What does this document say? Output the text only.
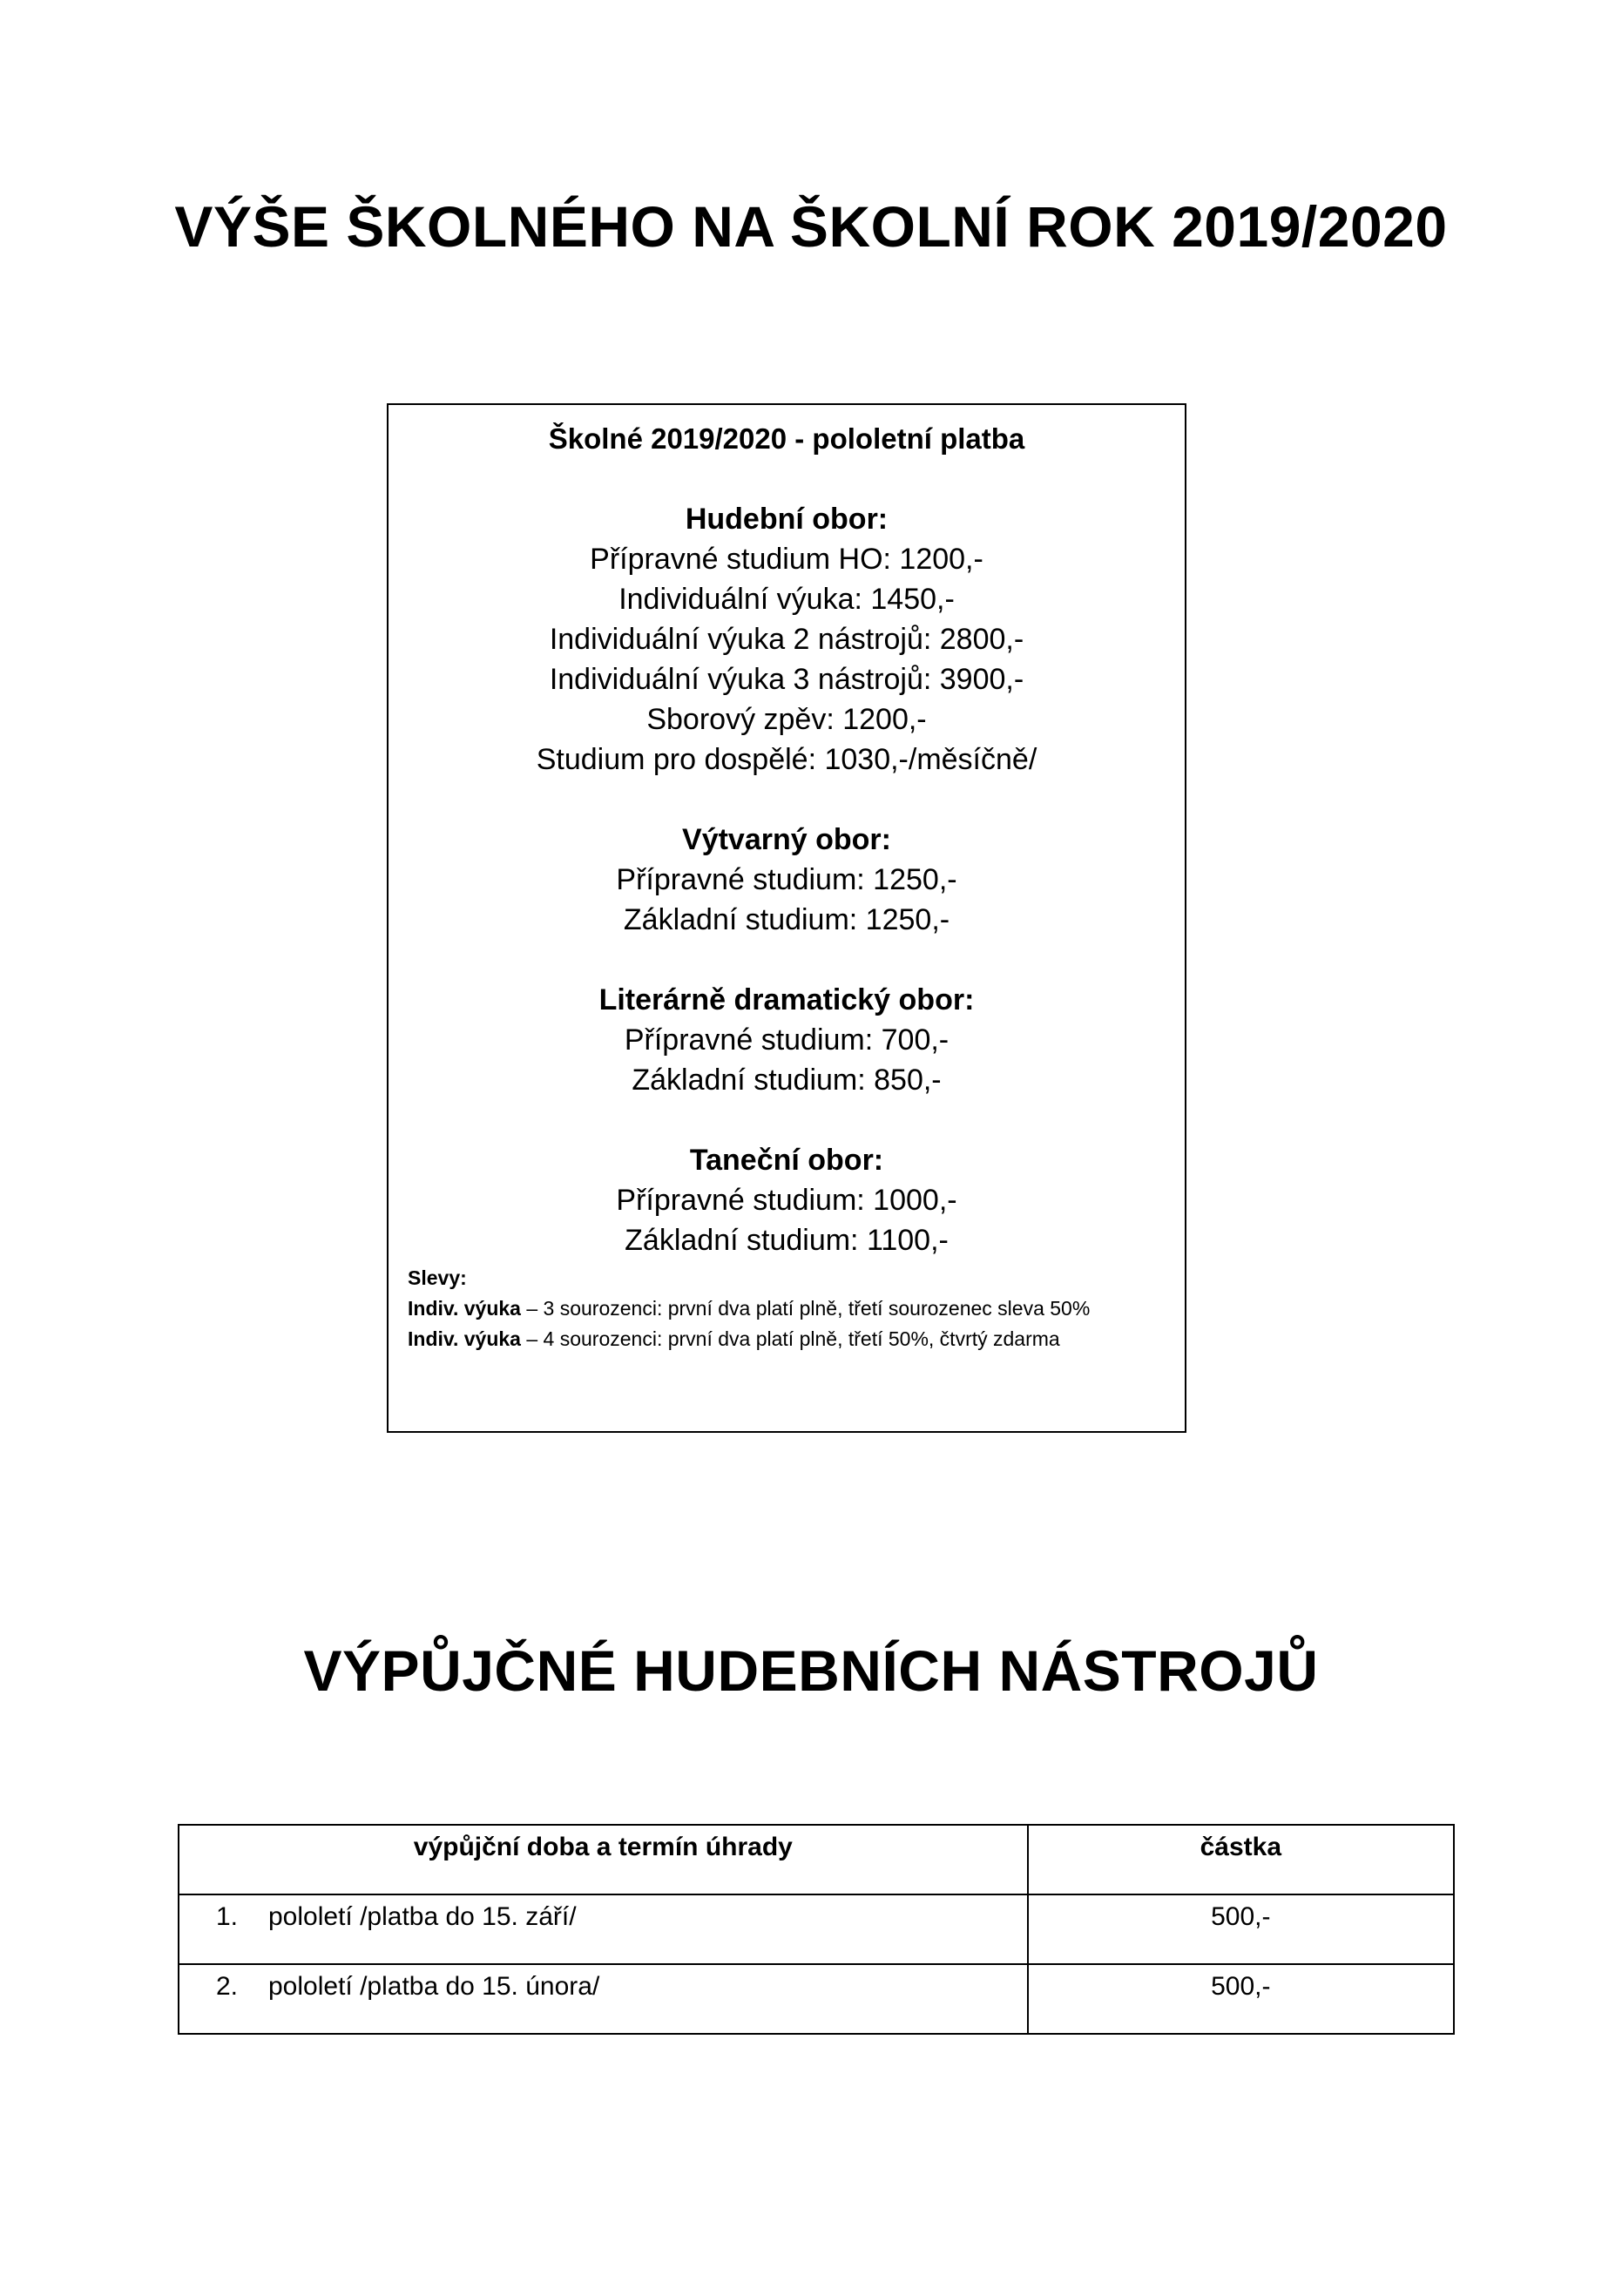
VÝŠE ŠKOLNÉHO NA ŠKOLNÍ ROK 2019/2020
Školné 2019/2020 - pololetní platba
Hudební obor:
Přípravné studium HO: 1200,-
Individuální výuka: 1450,-
Individuální výuka 2 nástrojů: 2800,-
Individuální výuka 3 nástrojů: 3900,-
Sborový zpěv: 1200,-
Studium pro dospělé: 1030,-/měsíčně/
Výtvarný obor:
Přípravné studium: 1250,-
Základní studium: 1250,-
Literárně dramatický obor:
Přípravné studium: 700,-
Základní studium: 850,-
Taneční obor:
Přípravné studium: 1000,-
Základní studium: 1100,-
Slevy:
Indiv. výuka – 3 sourozenci: první dva platí plně, třetí sourozenec sleva 50%
Indiv. výuka – 4 sourozenci: první dva platí plně, třetí 50%, čtvrtý zdarma
VÝPŮJČNÉ HUDEBNÍCH NÁSTROJŮ
výpůjční doba a termín úhrady	částka
1. pololetí /platba do 15. září/	500,-
2. pololetí /platba do 15. února/	500,-
